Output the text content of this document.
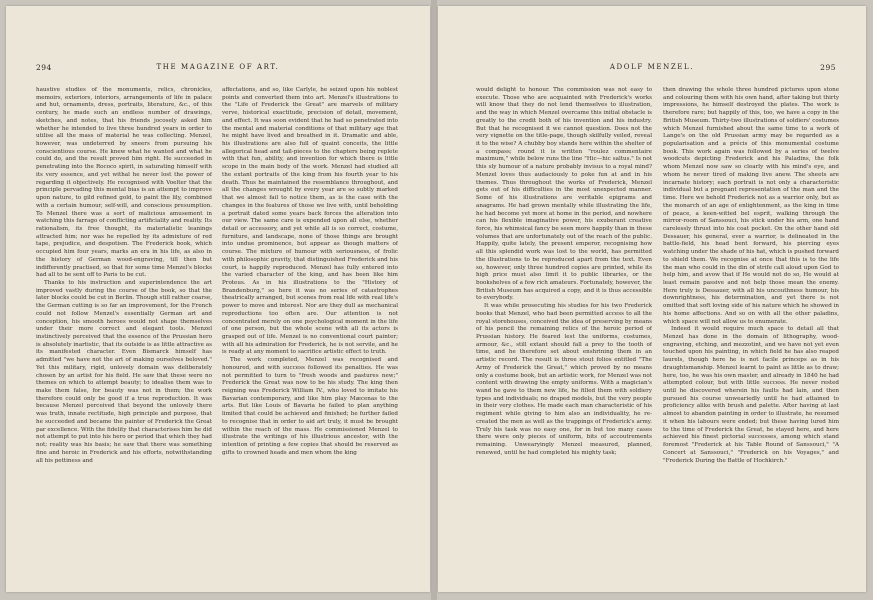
294	THE MAGAZINE OF ART.

haustive studies of the monuments, relics, chronicles, memoirs, exteriors, interiors, arrangements of life in palace and hut, ornaments, dress, portraits, literature, &c., of this century, he made such an endless number of drawings, sketches, and notes, that his friends jocosely asked him whether he intended to live three hundred years in order to utilise all the mass of material he was collecting. Menzel, however, was undeterred by sneers from pursuing his conscientious course. He knew what he wanted and what he could do, and the result proved him right. He succeeded in penetrating into the Rococo spirit, in saturating himself with its very essence, and yet withal he never lost the power of regarding it objectively. He recognised with Voelter that the principle pervading this mental bias is an attempt to improve upon nature, to gild refined gold, to paint the lily, combined with a certain humour, self-will, and conscious presumption. To Menzel there was a sort of malicious amusement in watching this farrago of conflicting artificiality and reality. Its rationalism, its free thought, its materialistic leanings attracted him; nor was he repelled by its admixture of red tape, prejudice, and despotism. The Frederick book, which occupied him four years, marks an era in his life, as also in the history of German wood-engraving, till then but indifferently practised, so that for some time Menzel's blocks had all to be sent off to Paris to be cut.

Thanks to his instruction and superintendence the art improved vastly during the course of the book, so that the later blocks could be cut in Berlin. Though still rather coarse, the German cutting is so far an improvement, for the French could not follow Menzel's essentially German art and conception, his smooth heroes would not shape themselves under their more correct and elegant tools. Menzel instinctively perceived that the essence of the Prussian hero is absolutely inartistic, that its outside is as little attractive as its manifested character. Even Bismarck himself has admitted "we have not the art of making ourselves beloved." Yet this military, rigid, unlovely domain was deliberately chosen by an artist for his field. He saw that these were no themes on which to attempt beauty; to idealise them was to make them false, for beauty was not in them; the work therefore could only be good if a true reproduction. It was because Menzel perceived that beyond the unlovely there was truth, innate rectitude, high principle and purpose, that he succeeded and became the painter of Frederick the Great par excellence. With the fidelity that characterises him he did not attempt to put into his hero or period that which they had not; reality was his basis; he saw that there was something fine and heroic in Frederick and his efforts, notwithstanding all his pettiness and

affectations, and so, like Carlyle, he seized upon his noblest points and converted them into art. Menzel's illustrations to the "Life of Frederick the Great" are marvels of military verve, historical exactitude, precision of detail, movement, and effect. It was soon evident that he had so penetrated into the mental and material conditions of that military age that he might have lived and breathed in it. Dramatic and able, his illustrations are also full of quaint conceits, the little allegorical head and tail-pieces to the chapters being replete with that fun, ability, and invention for which there is little scope in the main body of the work. Menzel had studied all the extant portraits of the king from his fourth year to his death. Thus he maintained the resemblance throughout, and all the changes wrought by every year are so subtly marked that we almost fail to notice them, as is the case with the changes in the features of those we live with, until beholding a portrait dated some years back forces the alteration into our view. The same care is expended upon all else, whether detail or accessory, and yet while all is so correct, costume, furniture, and landscape, none of those things are brought into undue prominence, but appear as though matters of course. The mixture of humour with seriousness, of frolic with philosophic gravity, that distinguished Frederick and his court, is happily reproduced. Menzel has fully entered into the varied character of the king, and has been like him Proteus. As in his illustrations to the "History of Brandenburg," so here it was no series of catastrophes theatrically arranged, but scenes from real life with real life's power to move and interest. Nor are they dull as mechanical reproductions too often are. Our attention is not concentrated merely on one psychological moment in the life of one person, but the whole scene with all its actors is grasped out of life. Menzel is no conventional court painter; with all his admiration for Frederick, he is not servile, and he is ready at any moment to sacrifice artistic effect to truth.

The work completed, Menzel was recognised and honoured, and with success followed its penalties. He was not permitted to turn to "fresh woods and pastures new;" Frederick the Great was now to be his study. The king then reigning was Frederick William IV., who loved to imitate his Bavarian contemporary, and like him play Mæcenas to the arts. But like Louis of Bavaria he failed to plan anything limited that could be achieved and finished; he further failed to recognise that in order to aid art truly, it must be brought within the reach of the mass. He commissioned Menzel to illustrate the writings of his illustrious ancestor, with the intention of printing a few copies that should be reserved as gifts to crowned heads and men whom the king

ADOLF MENZEL.	295

would delight to honour. The commission was not easy to execute. Those who are acquainted with Frederick's works will know that they do not lend themselves to illustration, and the way in which Menzel overcame this initial obstacle is greatly to the credit both of his invention and his industry. But that he recognised it we cannot question. Does not the very vignette on the title-page, though skilfully veiled, reveal it to the wise? A chubby boy stands here within the shelter of a compass; round it is written "roulez commentaire maximum," while below runs the line "Hic—hic saltus." Is not this sly humour of a nature probably invisus to a royal mind? Menzel loves thus audaciously to poke fun at and in his themes. Thus throughout the works of Frederick, Menzel gets out of his difficulties in the most unexpected manner. Some of his illustrations are veritable epigrams and anagrams. He had grown mentally while illustrating the life, he had become yet more at home in the period, and nowhere can his flexible imaginative power, his exuberant creative force, his whimsical fancy be seen more happily than in these volumes that are unfortunately out of the reach of the public. Happily, quite lately, the present emperor, recognising how all this splendid work was lost to the world, has permitted the illustrations to be reproduced apart from the text. Even so, however, only three hundred copies are printed, while its high price must also limit it to public libraries, or the bookshelves of a few rich amateurs. Fortunately, however, the British Museum has acquired a copy, and it is thus accessible to everybody.

It was while prosecuting his studies for his two Frederick books that Menzel, who had been permitted access to all the royal storehouses, conceived the idea of preserving by means of his pencil the remaining relics of the heroic period of Prussian history. He feared lest the uniforms, costumes, armour, &c., still extant should fall a prey to the tooth of time, and he therefore set about enshrining them in an artistic record. The result is three stout folios entitled "The Army of Frederick the Great," which proved by no means only a costume book, but an artistic work, for Menzel was not content with drawing the empty uniforms. With a magician's wand he gave to them new life, he filled them with soldiery types and individuals; no draped models, but the very people in their very clothes. He made each man characteristic of his regiment while giving to him also an individuality, he re-created the men as well as the trappings of Frederick's army. Truly his task was no easy one, for in but too many cases there were only pieces of uniform, bits of accoutrements remaining. Unwearyingly Menzel measured, planned, renewed, until he had completed his mighty task;

then drawing the whole three hundred pictures upon stone and colouring them with his own hand, after taking but thirty impressions, he himself destroyed the plates. The work is therefore rare; but happily of this, too, we have a copy in the British Museum. Thirty-two illustrations of soldiers' costumes which Menzel furnished about the same time to a work of Lange's on the old Prussian army may be regarded as a popularisation and a précis of this monumental costume book. This work again was followed by a series of twelve woodcuts depicting Frederick and his Paladins, the folk whom Menzel now saw so clearly with his mind's eye, and whom he never tired of making live anew. The sheets are incarnate history; each portrait is not only a characteristic individual but a pregnant representation of the man and the time. Here we behold Frederick not as a warrior only, but as the monarch of an age of enlightenment, as the king in time of peace, a keen-witted bel esprit, walking through the mirror-room of Sanssouci, his stick under his arm, one hand carelessly thrust into his coat pocket. On the other hand old Dessauer, his general, ever a warrior, is delineated in the battle-field, his head bent forward, his piercing eyes watching under the shade of his hat, which is pushed forward to shield them. We recognise at once that this is to the life the man who could in the din of strife call aloud upon God to help him, and avow that if He would not do so, He would at least remain passive and not help those mean the enemy. Here truly is Dessauer, with all his uncouthness humour, his downrightness, his determination, and yet there is not omitted that soft loving side of his nature which he showed in his home affections. And so on with all the other paladins, which space will not allow us to enumerate.

Indeed it would require much space to detail all that Menzel has done in the domain of lithography, wood-engraving, etching, and mezzotint, and we have not yet even touched upon his painting, in which field he has also reaped laurels, though here he is not facile princeps as in his draughtsmanship. Menzel learnt to paint as little as to draw; here, too, he was his own master, and already in 1840 he had attempted colour, but with little success. He never rested until he discovered wherein his faults had lain, and then pursued his course unweariedly until he had attained to proficiency alike with brush and palette. After having at last almost to abandon painting in order to illustrate, he resumed it when his labours were ended; but these having lured him to the time of Frederick the Great, he stayed here, and here achieved his finest pictorial successes, among which stand foremost "Frederick at his Table Round of Sanssouci," "A Concert at Sanssouci," "Frederick on his Voyages," and "Frederick During the Battle of Hochkirch."
